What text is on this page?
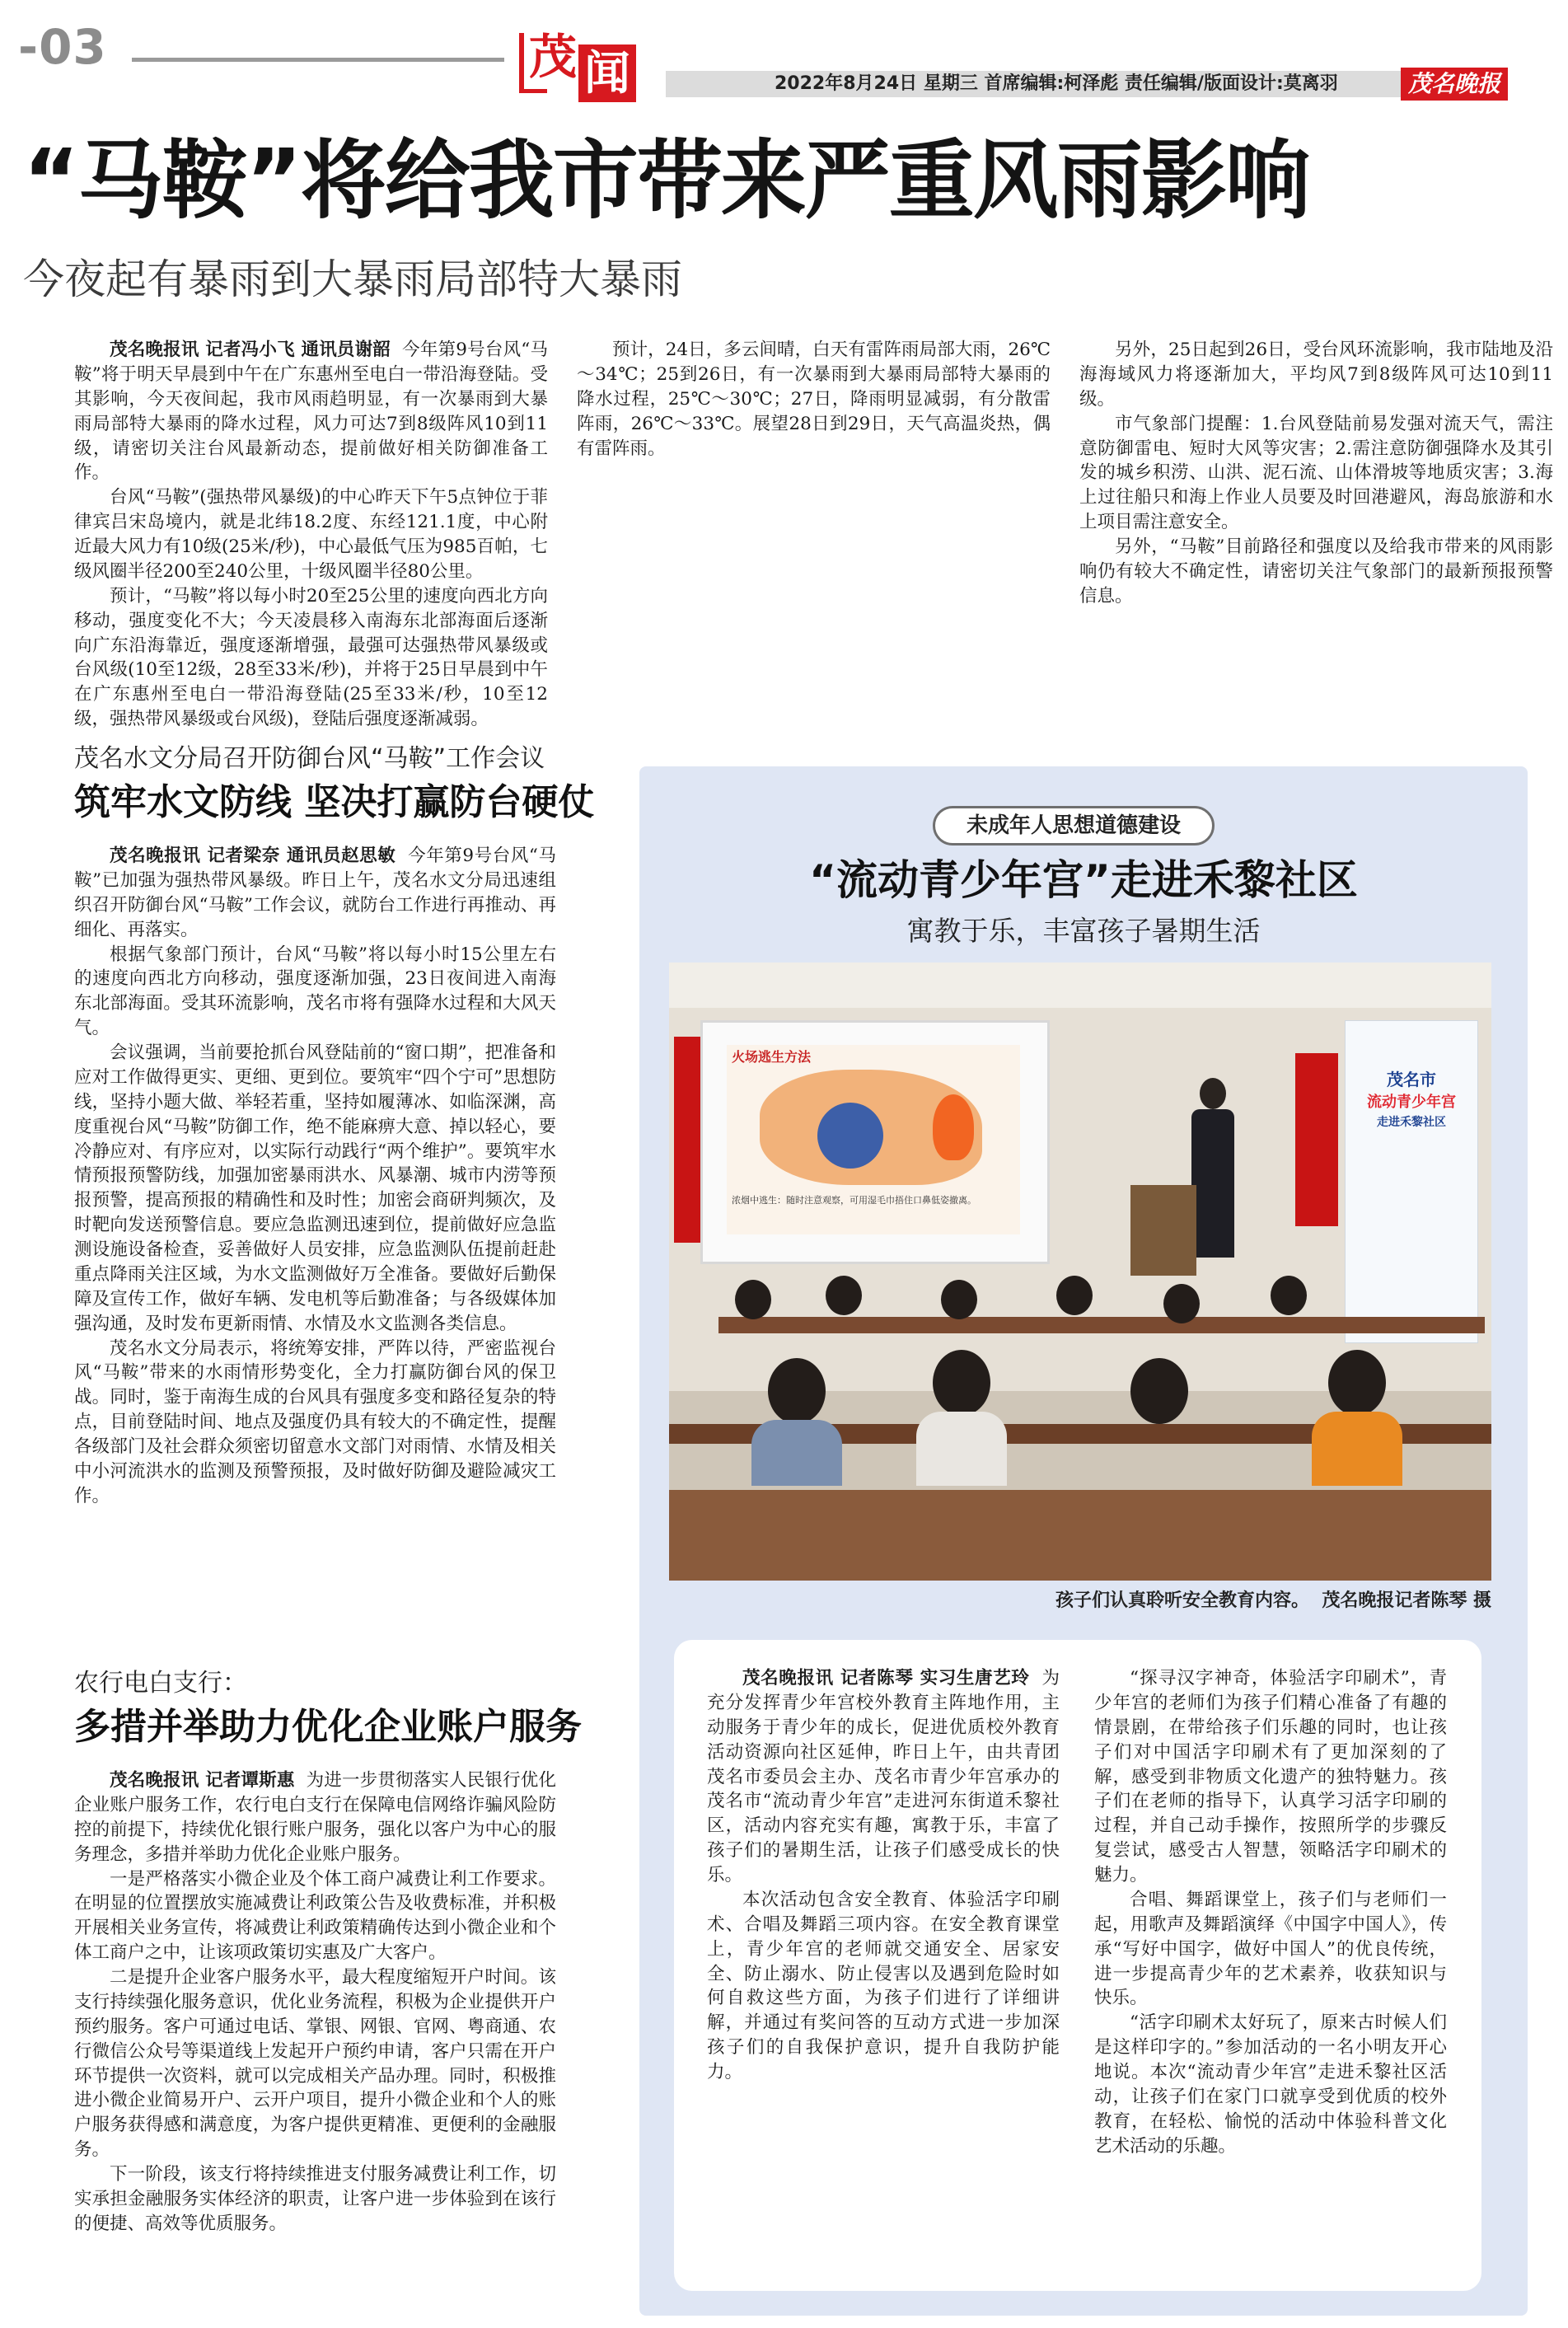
-03	茂 闻	2022年8月24日 星期三 首席编辑:柯泽彪 责任编辑/版面设计:莫离羽	茂名晚报
“马鞍”将给我市带来严重风雨影响
今夜起有暴雨到大暴雨局部特大暴雨

茂名晚报讯 记者冯小飞 通讯员谢韶 今年第9号台风“马鞍”将于明天早晨到中午在广东惠州至电白一带沿海登陆。受其影响，今天夜间起，我市风雨趋明显，有一次暴雨到大暴雨局部特大暴雨的降水过程，风力可达7到8级阵风10到11级，请密切关注台风最新动态，提前做好相关防御准备工作。

台风“马鞍”(强热带风暴级)的中心昨天下午5点钟位于菲律宾吕宋岛境内，就是北纬18.2度、东经121.1度，中心附近最大风力有10级(25米/秒)，中心最低气压为985百帕，七级风圈半径200至240公里，十级风圈半径80公里。

预计，“马鞍”将以每小时20至25公里的速度向西北方向移动，强度变化不大；今天凌晨移入南海东北部海面后逐渐向广东沿海靠近，强度逐渐增强，最强可达强热带风暴级或台风级(10至12级，28至33米/秒)，并将于25日早晨到中午在广东惠州至电白一带沿海登陆(25至33米/秒，10至12级，强热带风暴级或台风级)，登陆后强度逐渐减弱。

预计，24日，多云间晴，白天有雷阵雨局部大雨，26℃～34℃；25到26日，有一次暴雨到大暴雨局部特大暴雨的降水过程，25℃～30℃；27日，降雨明显减弱，有分散雷阵雨，26℃～33℃。展望28日到29日，天气高温炎热，偶有雷阵雨。

另外，25日起到26日，受台风环流影响，我市陆地及沿海海域风力将逐渐加大，平均风7到8级阵风可达10到11级。

市气象部门提醒：1.台风登陆前易发强对流天气，需注意防御雷电、短时大风等灾害；2.需注意防御强降水及其引发的城乡积涝、山洪、泥石流、山体滑坡等地质灾害；3.海上过往船只和海上作业人员要及时回港避风，海岛旅游和水上项目需注意安全。

另外，“马鞍”目前路径和强度以及给我市带来的风雨影响仍有较大不确定性，请密切关注气象部门的最新预报预警信息。

茂名水文分局召开防御台风“马鞍”工作会议
筑牢水文防线 坚决打赢防台硬仗

茂名晚报讯 记者梁奈 通讯员赵思敏 今年第9号台风“马鞍”已加强为强热带风暴级。昨日上午，茂名水文分局迅速组织召开防御台风“马鞍”工作会议，就防台工作进行再推动、再细化、再落实。

根据气象部门预计，台风“马鞍”将以每小时15公里左右的速度向西北方向移动，强度逐渐加强，23日夜间进入南海东北部海面。受其环流影响，茂名市将有强降水过程和大风天气。

会议强调，当前要抢抓台风登陆前的“窗口期”，把准备和应对工作做得更实、更细、更到位。要筑牢“四个宁可”思想防线，坚持小题大做、举轻若重，坚持如履薄冰、如临深渊，高度重视台风“马鞍”防御工作，绝不能麻痹大意、掉以轻心，要冷静应对、有序应对，以实际行动践行“两个维护”。要筑牢水情预报预警防线，加强加密暴雨洪水、风暴潮、城市内涝等预报预警，提高预报的精确性和及时性；加密会商研判频次，及时靶向发送预警信息。要应急监测迅速到位，提前做好应急监测设施设备检查，妥善做好人员安排，应急监测队伍提前赶赴重点降雨关注区域，为水文监测做好万全准备。要做好后勤保障及宣传工作，做好车辆、发电机等后勤准备；与各级媒体加强沟通，及时发布更新雨情、水情及水文监测各类信息。

茂名水文分局表示，将统筹安排，严阵以待，严密监视台风“马鞍”带来的水雨情形势变化，全力打赢防御台风的保卫战。同时，鉴于南海生成的台风具有强度多变和路径复杂的特点，目前登陆时间、地点及强度仍具有较大的不确定性，提醒各级部门及社会群众须密切留意水文部门对雨情、水情及相关中小河流洪水的监测及预警预报，及时做好防御及避险减灾工作。

农行电白支行：
多措并举助力优化企业账户服务

茂名晚报讯 记者谭斯惠 为进一步贯彻落实人民银行优化企业账户服务工作，农行电白支行在保障电信网络诈骗风险防控的前提下，持续优化银行账户服务，强化以客户为中心的服务理念，多措并举助力优化企业账户服务。

一是严格落实小微企业及个体工商户减费让利工作要求。在明显的位置摆放实施减费让利政策公告及收费标准，并积极开展相关业务宣传，将减费让利政策精确传达到小微企业和个体工商户之中，让该项政策切实惠及广大客户。

二是提升企业客户服务水平，最大程度缩短开户时间。该支行持续强化服务意识，优化业务流程，积极为企业提供开户预约服务。客户可通过电话、掌银、网银、官网、粤商通、农行微信公众号等渠道线上发起开户预约申请，客户只需在开户环节提供一次资料，就可以完成相关产品办理。同时，积极推进小微企业简易开户、云开户项目，提升小微企业和个人的账户服务获得感和满意度，为客户提供更精准、更便利的金融服务。

下一阶段，该支行将持续推进支付服务减费让利工作，切实承担金融服务实体经济的职责，让客户进一步体验到在该行的便捷、高效等优质服务。

未成年人思想道德建设
“流动青少年宫”走进禾黎社区
寓教于乐，丰富孩子暑期生活
火场逃生方法
浓烟中逃生：随时注意观察，可用湿毛巾捂住口鼻低姿撤离。
茂名市
流动青少年宫
走进禾黎社区
孩子们认真聆听安全教育内容。  茂名晚报记者陈琴 摄

茂名晚报讯 记者陈琴 实习生唐艺玲 为充分发挥青少年宫校外教育主阵地作用，主动服务于青少年的成长，促进优质校外教育活动资源向社区延伸，昨日上午，由共青团茂名市委员会主办、茂名市青少年宫承办的茂名市“流动青少年宫”走进河东街道禾黎社区，活动内容充实有趣，寓教于乐，丰富了孩子们的暑期生活，让孩子们感受成长的快乐。

本次活动包含安全教育、体验活字印刷术、合唱及舞蹈三项内容。在安全教育课堂上，青少年宫的老师就交通安全、居家安全、防止溺水、防止侵害以及遇到危险时如何自救这些方面，为孩子们进行了详细讲解，并通过有奖问答的互动方式进一步加深孩子们的自我保护意识，提升自我防护能力。

“探寻汉字神奇，体验活字印刷术”，青少年宫的老师们为孩子们精心准备了有趣的情景剧，在带给孩子们乐趣的同时，也让孩子们对中国活字印刷术有了更加深刻的了解，感受到非物质文化遗产的独特魅力。孩子们在老师的指导下，认真学习活字印刷的过程，并自己动手操作，按照所学的步骤反复尝试，感受古人智慧，领略活字印刷术的魅力。

合唱、舞蹈课堂上，孩子们与老师们一起，用歌声及舞蹈演绎《中国字中国人》，传承“写好中国字，做好中国人”的优良传统，进一步提高青少年的艺术素养，收获知识与快乐。

“活字印刷术太好玩了，原来古时候人们是这样印字的。”参加活动的一名小明友开心地说。本次“流动青少年宫”走进禾黎社区活动，让孩子们在家门口就享受到优质的校外教育，在轻松、愉悦的活动中体验科普文化艺术活动的乐趣。
